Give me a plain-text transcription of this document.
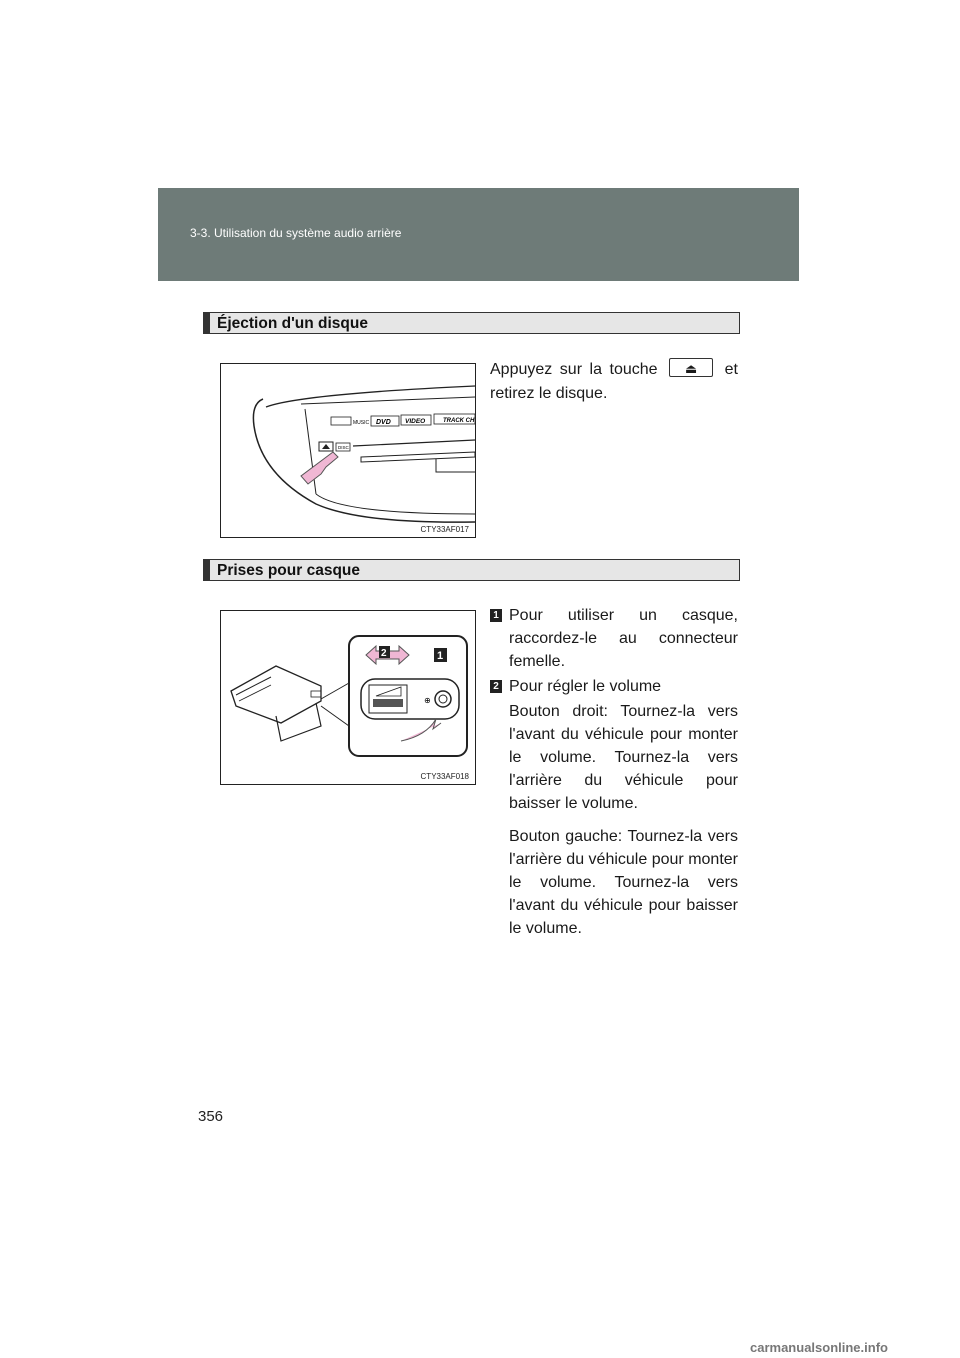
3-3. Utilisation du système audio arrière
Éjection d'un disque
MUSIC DVD VIDEO	TRACK CH
DISC
CTY33AF017
Appuyez sur la touche ⏏	et retirez le disque.
Prises pour casque
2	1
⊕
CTY33AF018
1 Pour utiliser un casque, raccordez-le au connecteur femelle.
2 Pour régler le volume
Bouton droit: Tournez-la vers l'avant du véhicule pour monter le volume. Tournez-la vers l'arrière du véhicule pour baisser le volume.
Bouton gauche: Tournez-la vers l'arrière du véhicule pour monter le volume. Tournez-la vers l'avant du véhicule pour baisser le volume.
356
carmanualsonline.info
